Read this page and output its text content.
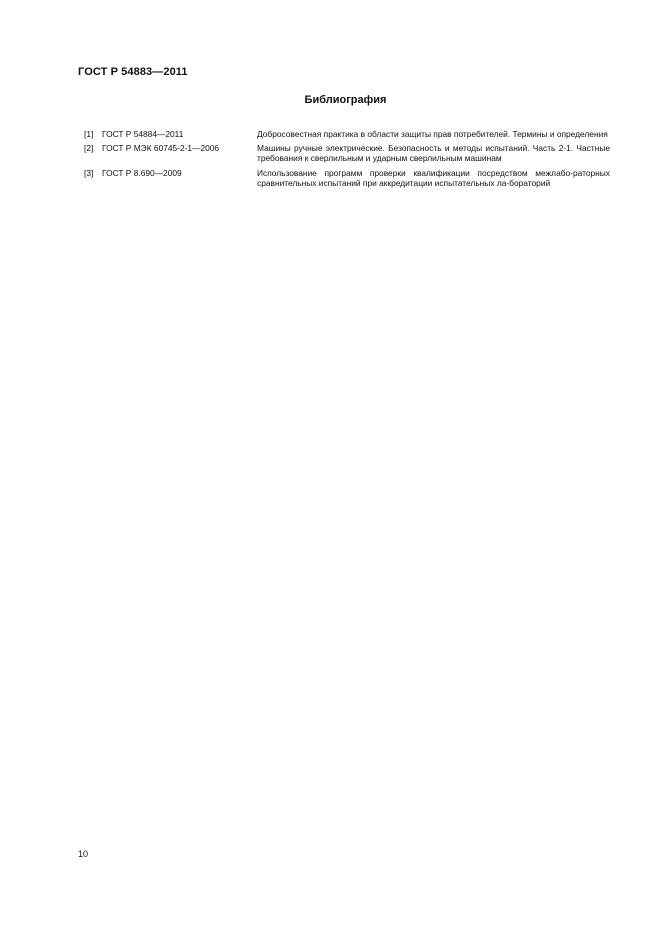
ГОСТ Р 54883—2011
Библиография
[1] ГОСТ Р 54884—2011	Добросовестная практика в области защиты прав потребителей. Термины и определения
[2] ГОСТ Р МЭК 60745-2-1—2006	Машины ручные электрические. Безопасность и методы испытаний. Часть 2-1. Частные требования к сверлильным и ударным сверлильным машинам
[3] ГОСТ Р 8.690—2009	Использование программ проверки квалификации посредством межлабо-раторных сравнительных испытаний при аккредитации испытательных ла-бораторий
10
